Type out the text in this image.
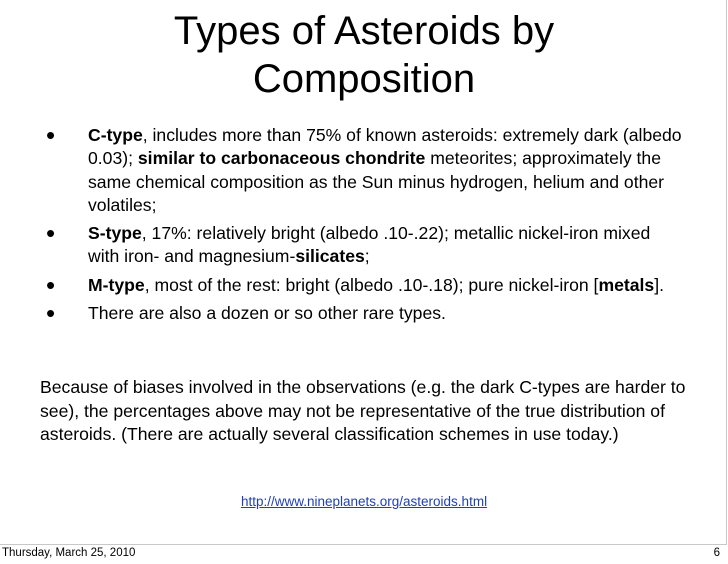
Types of Asteroids by
Composition
• C-type, includes more than 75% of known asteroids: extremely dark (albedo 0.03); similar to carbonaceous chondrite meteorites; approximately the same chemical composition as the Sun minus hydrogen, helium and other volatiles;
• S-type, 17%: relatively bright (albedo .10-.22); metallic nickel-iron mixed with iron- and magnesium-silicates;
• M-type, most of the rest: bright (albedo .10-.18); pure nickel-iron [metals].
• There are also a dozen or so other rare types.

Because of biases involved in the observations (e.g. the dark C-types are harder to see), the percentages above may not be representative of the true distribution of asteroids. (There are actually several classification schemes in use today.)

http://www.nineplanets.org/asteroids.html
Thursday, March 25, 2010	6
